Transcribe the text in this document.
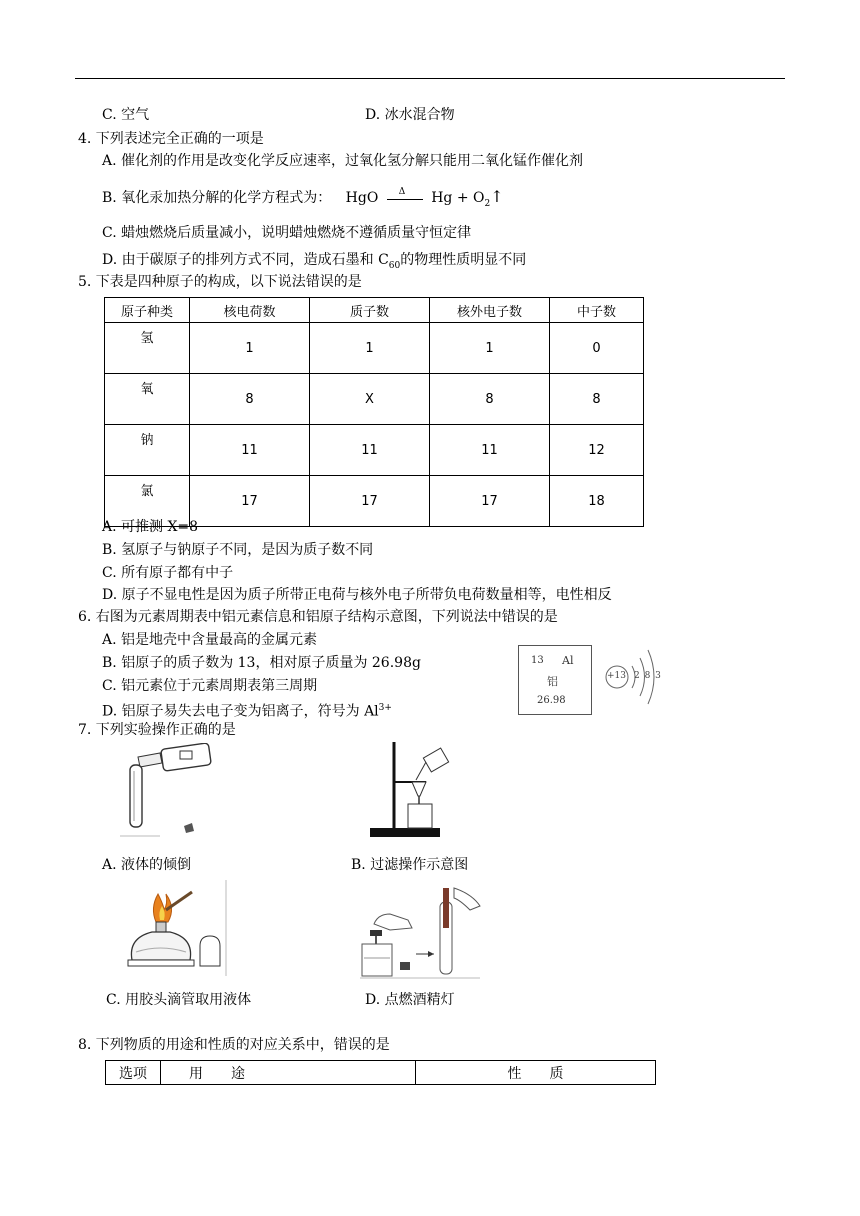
C. 空气	D. 冰水混合物
4. 下列表述完全正确的一项是
A. 催化剂的作用是改变化学反应速率，过氧化氢分解只能用二氧化锰作催化剂
B. 氧化汞加热分解的化学方程式为： HgO Δ $Hg + O_2↑$
C. 蜡烛燃烧后质量减小，说明蜡烛燃烧不遵循质量守恒定律
D. 由于碳原子的排列方式不同，造成石墨和 $C_{60}$的物理性质明显不同
5. 下表是四种原子的构成，以下说法错误的是
原子种类	核电荷数	质子数	核外电子数	中子数
氢	1	1	1	0
氧	8	X	8	8
钠	11	11	11	12
氯	17	17	17	18
A. 可推测 X=8
B. 氢原子与钠原子不同，是因为质子数不同
C. 所有原子都有中子
D. 原子不显电性是因为质子所带正电荷与核外电子所带负电荷数量相等，电性相反
6. 右图为元素周期表中铝元素信息和铝原子结构示意图，下列说法中错误的是
A. 铝是地壳中含量最高的金属元素
B. 铝原子的质子数为 13，相对原子质量为 26.98g
C. 铝元素位于元素周期表第三周期
D. 铝原子易失去电子变为铝离子，符号为 $Al^{3+}$
13 Al
铝
26.98
+13 2 8 3
7. 下列实验操作正确的是
A. 液体的倾倒	B. 过滤操作示意图
C. 用胶头滴管取用液体	D. 点燃酒精灯
8. 下列物质的用途和性质的对应关系中，错误的是
选项	用　　途	性　　质
